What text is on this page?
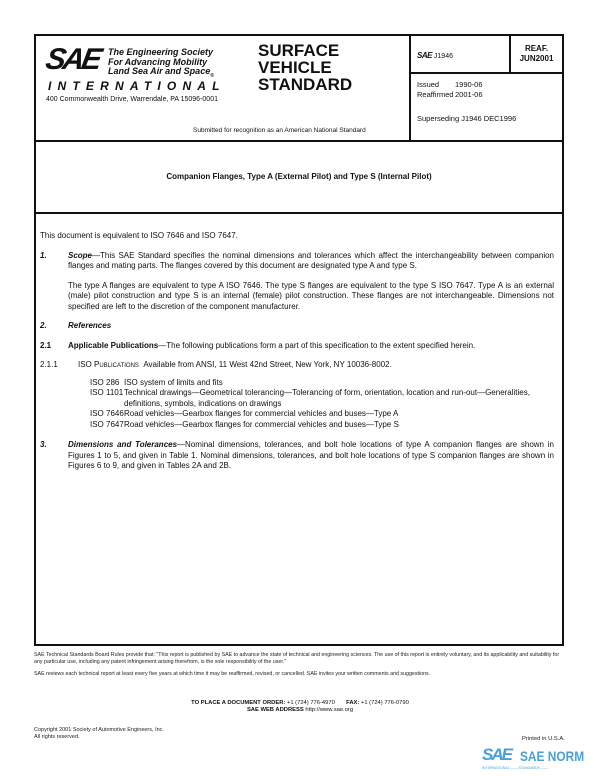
SAE The Engineering Society
For Advancing Mobility
Land Sea Air and Space$_®$
INTERNATIONAL
400 Commonwealth Drive, Warrendale, PA 15096-0001
SURFACE
VEHICLE
STANDARD
Submitted for recognition as an American National Standard
SAE J1946
REAF.
JUN2001
Issued	1990-06
Reaffirmed 2001-06
Superseding J1946 DEC1996
Companion Flanges, Type A (External Pilot) and Type S (Internal Pilot)

This document is equivalent to ISO 7646 and ISO 7647.

1.	Scope—This SAE Standard specifies the nominal dimensions and tolerances which affect the interchangeability between companion flanges and mating parts. The flanges covered by this document are designated type A and type S.

The type A flanges are equivalent to type A ISO 7646. The type S flanges are equivalent to the type S ISO 7647. Type A is an external (male) pilot construction and type S is an internal (female) pilot construction. These flanges are not interchangeable. Dimensions not specified are left to the discretion of the component manufacturer.

2.	References
2.1	Applicable Publications—The following publications form a part of this specification to the extent specified herein.

2.1.1	ISO Publications Available from ANSI, 11 West 42nd Street, New York, NY 10036-8002.

ISO 286 ISO system of limits and fits
ISO 1101 Technical drawings—Geometrical tolerancing—Tolerancing of form, orientation, location and run-out—Generalities, definitions, symbols, indications on drawings
ISO 7646 Road vehicles—Gearbox flanges for commercial vehicles and buses—Type A
ISO 7647 Road vehicles—Gearbox flanges for commercial vehicles and buses—Type S
3.	Dimensions and Tolerances—Nominal dimensions, tolerances, and bolt hole locations of type A companion flanges are shown in Figures 1 to 5, and given in Table 1. Nominal dimensions, tolerances, and bolt hole locations of type S companion flanges are shown in Figures 6 to 9, and given in Tables 2A and 2B.

SAE Technical Standards Board Rules provide that: "This report is published by SAE to advance the state of technical and engineering sciences. The use of this report is entirely voluntary, and its applicability and suitability for any particular use, including any patent infringement arising therefrom, is the sole responsibility of the user."

SAE reviews each technical report at least every five years at which time it may be reaffirmed, revised, or cancelled. SAE invites your written comments and suggestions.

TO PLACE A DOCUMENT ORDER: +1 (724) 776-4970 FAX: +1 (724) 776-0790
SAE WEB ADDRESS http://www.sae.org
Copyright 2001 Society of Automotive Engineers, Inc.
All rights reserved.	Printed in U.S.A.
SAE SAE NORM
INTERNATIONAL —— STANDARDS ——
